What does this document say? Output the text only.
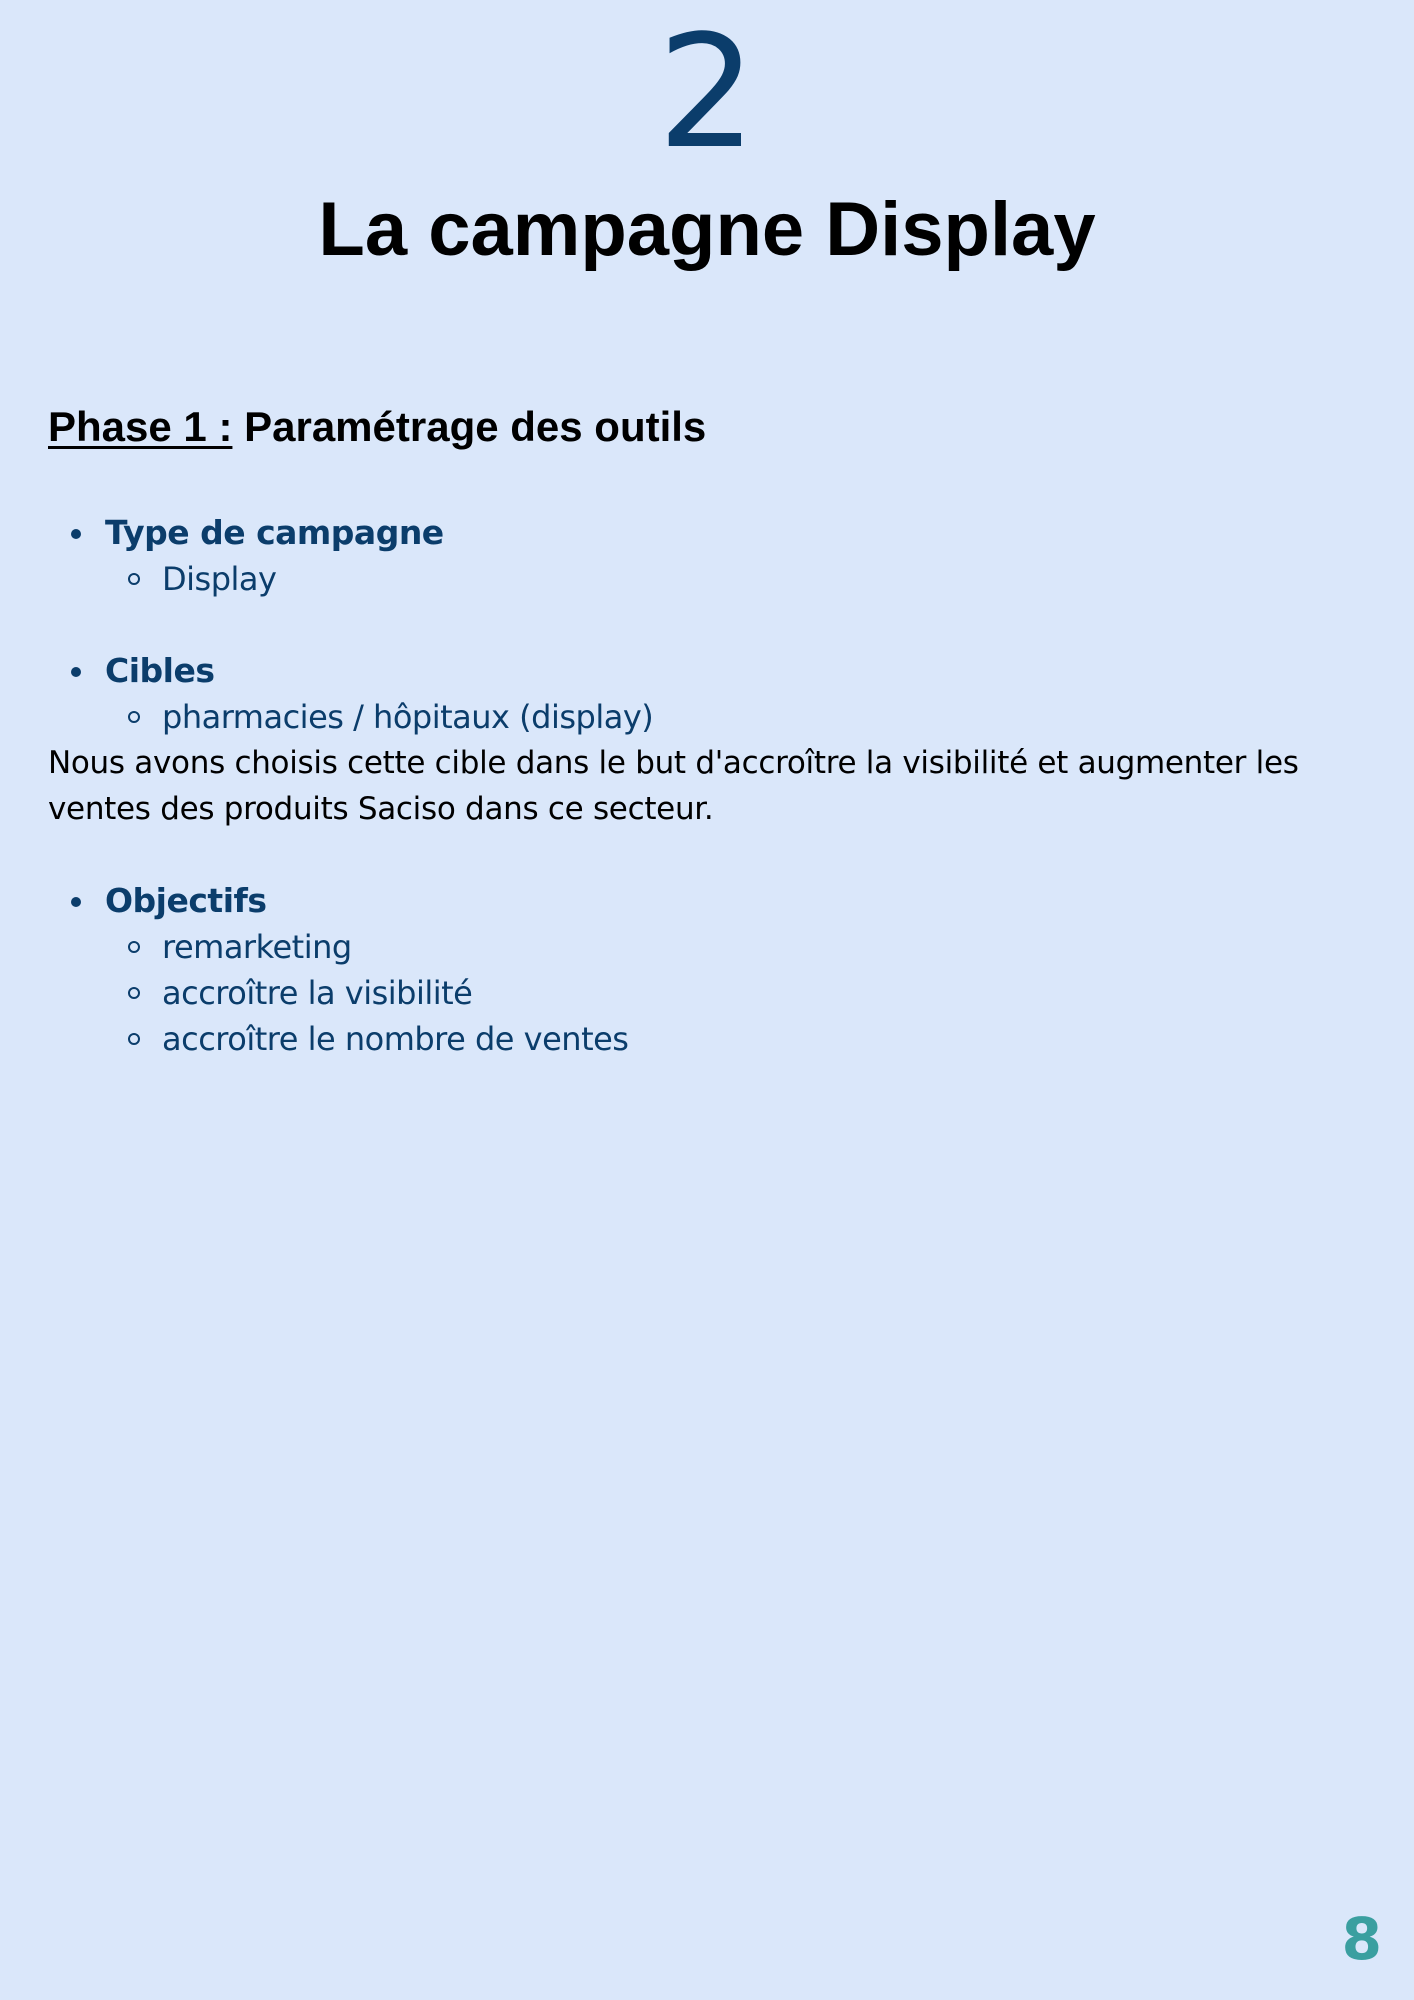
2
La campagne Display
Phase 1 : Paramétrage des outils
Type de campagne
Display
Cibles
pharmacies / hôpitaux (display)

Nous avons choisis cette cible dans le but d'accroître la visibilité et augmenter les ventes des produits Saciso dans ce secteur.

Objectifs
remarketing
accroître la visibilité
accroître le nombre de ventes
8
